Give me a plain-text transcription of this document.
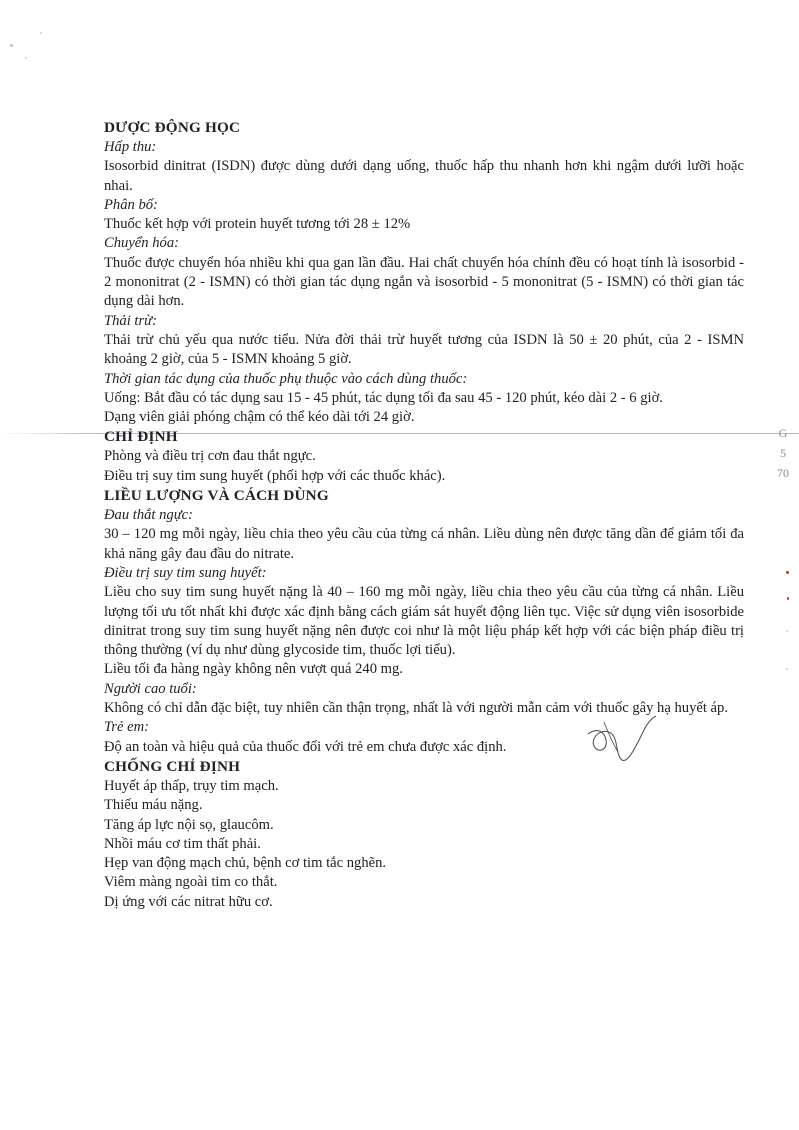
G
5
70

DƯỢC ĐỘNG HỌC

Hấp thu:

Isosorbid dinitrat (ISDN) được dùng dưới dạng uống, thuốc hấp thu nhanh hơn khi ngậm dưới lưỡi hoặc nhai.

Phân bố:

Thuốc kết hợp với protein huyết tương tới 28 ± 12%

Chuyển hóa:

Thuốc được chuyển hóa nhiều khi qua gan lần đầu. Hai chất chuyển hóa chính đều có hoạt tính là isosorbid - 2 mononitrat (2 - ISMN) có thời gian tác dụng ngắn và isosorbid - 5 mononitrat (5 - ISMN) có thời gian tác dụng dài hơn.

Thải trừ:

Thải trừ chủ yếu qua nước tiểu. Nửa đời thải trừ huyết tương của ISDN là 50 ± 20 phút, của 2 - ISMN khoảng 2 giờ, của 5 - ISMN khoảng 5 giờ.

Thời gian tác dụng của thuốc phụ thuộc vào cách dùng thuốc:

Uống: Bắt đầu có tác dụng sau 15 - 45 phút, tác dụng tối đa sau 45 - 120 phút, kéo dài 2 - 6 giờ.

Dạng viên giải phóng chậm có thể kéo dài tới 24 giờ.

CHỈ ĐỊNH

Phòng và điều trị cơn đau thắt ngực.

Điều trị suy tim sung huyết (phối hợp với các thuốc khác).

LIỀU LƯỢNG VÀ CÁCH DÙNG

Đau thắt ngực:

30 – 120 mg mỗi ngày, liều chia theo yêu cầu của từng cá nhân. Liều dùng nên được tăng dần để giảm tối đa khả năng gây đau đầu do nitrate.

Điều trị suy tim sung huyết:

Liều cho suy tim sung huyết nặng là 40 – 160 mg mỗi ngày, liều chia theo yêu cầu của từng cá nhân. Liều lượng tối ưu tốt nhất khi được xác định bằng cách giám sát huyết động liên tục. Việc sử dụng viên isosorbide dinitrat trong suy tim sung huyết nặng nên được coi như là một liệu pháp kết hợp với các biện pháp điều trị thông thường (ví dụ như dùng glycoside tim, thuốc lợi tiểu).

Liều tối đa hàng ngày không nên vượt quá 240 mg.

Người cao tuổi:

Không có chỉ dẫn đặc biệt, tuy nhiên cần thận trọng, nhất là với người mẫn cảm với thuốc gây hạ huyết áp.

Trẻ em:

Độ an toàn và hiệu quả của thuốc đối với trẻ em chưa được xác định.

CHỐNG CHỈ ĐỊNH

Huyết áp thấp, trụy tim mạch.

Thiếu máu nặng.

Tăng áp lực nội sọ, glaucôm.

Nhồi máu cơ tim thất phải.

Hẹp van động mạch chủ, bệnh cơ tim tắc nghẽn.

Viêm màng ngoài tim co thắt.

Dị ứng với các nitrat hữu cơ.
